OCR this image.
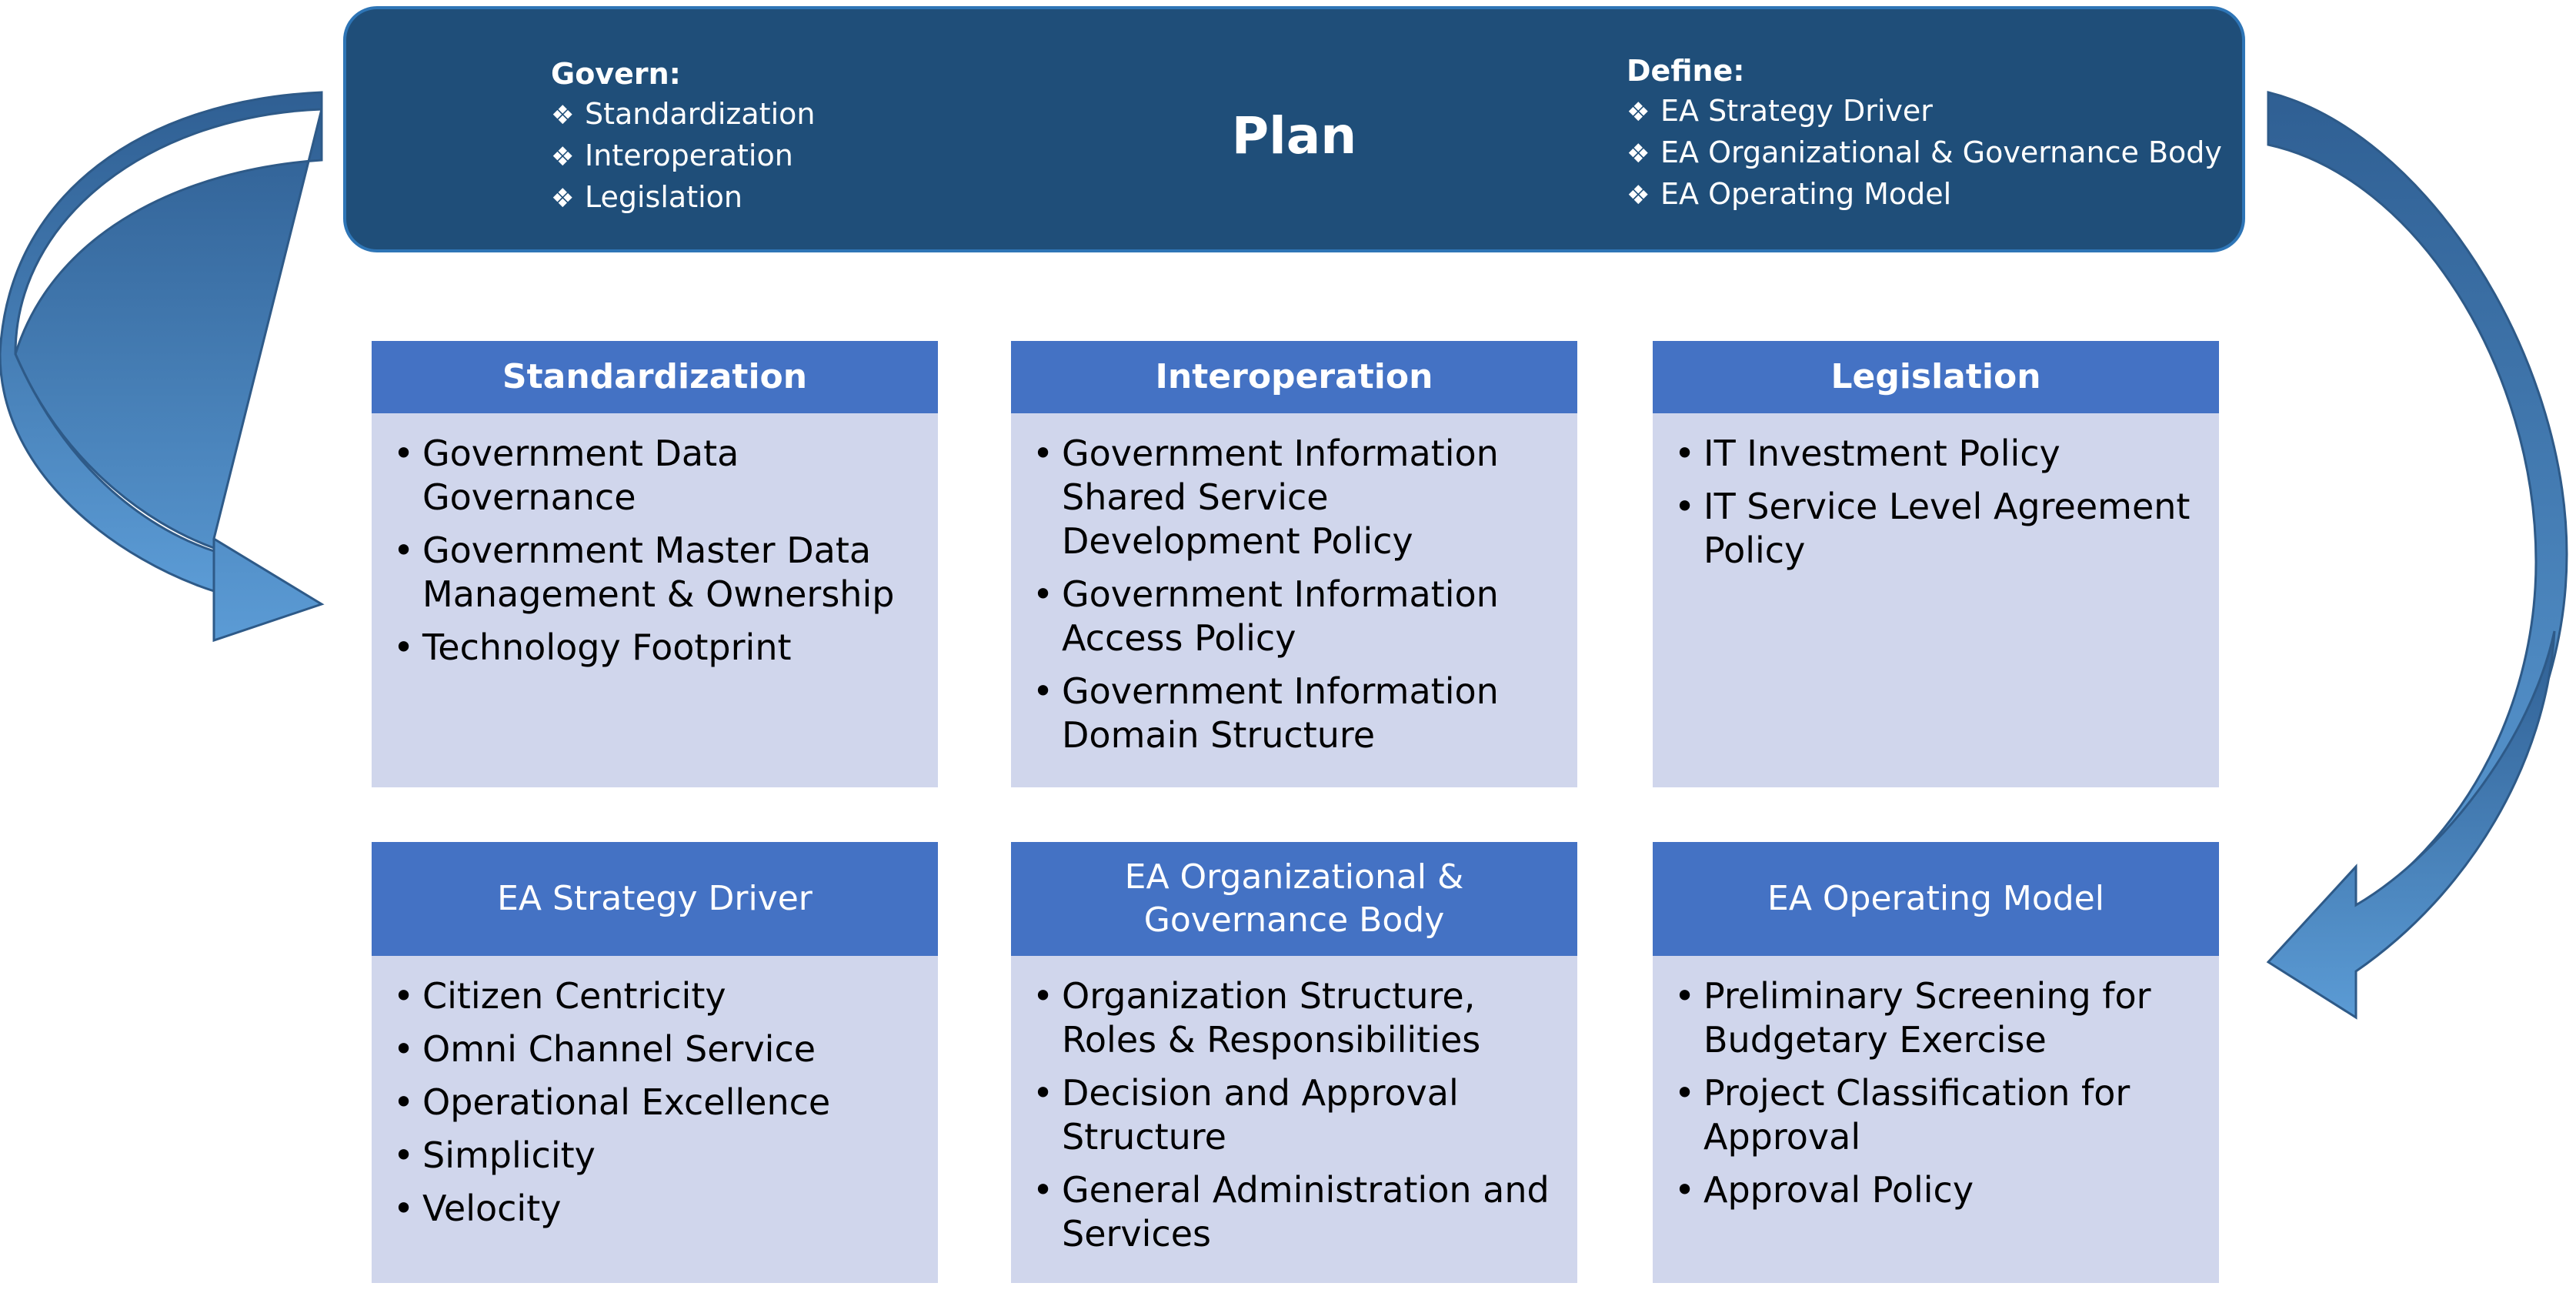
Govern:
❖ Standardization
❖ Interoperation
❖ Legislation
Plan
Define:
❖ EA Strategy Driver
❖ EA Organizational & Governance Body
❖ EA Operating Model
Standardization
• Government Data Governance
• Government Master Data Management & Ownership
• Technology Footprint
Interoperation
• Government Information Shared Service Development Policy
• Government Information Access Policy
• Government Information Domain Structure
Legislation
• IT Investment Policy
• IT Service Level Agreement Policy
EA Strategy Driver
• Citizen Centricity
• Omni Channel Service
• Operational Excellence
• Simplicity
• Velocity
EA Organizational & Governance Body
• Organization Structure, Roles & Responsibilities
• Decision and Approval Structure
• General Administration and Services
EA Operating Model
• Preliminary Screening for Budgetary Exercise
• Project Classification for Approval
• Approval Policy
